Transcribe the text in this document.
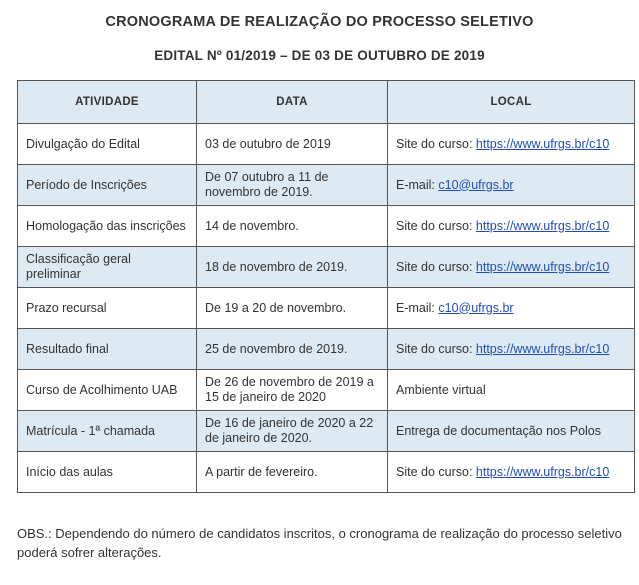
CRONOGRAMA DE REALIZAÇÃO DO PROCESSO SELETIVO
EDITAL Nº 01/2019 – DE 03 DE OUTUBRO DE 2019
ATIVIDADE	DATA	LOCAL
Divulgação do Edital	03 de outubro de 2019	Site do curso: https://www.ufrgs.br/c10
Período de Inscrições	De 07 outubro a 11 de novembro de 2019.	E-mail: c10@ufrgs.br
Homologação das inscrições	14 de novembro.	Site do curso: https://www.ufrgs.br/c10
Classificação geral preliminar	18 de novembro de 2019.	Site do curso: https://www.ufrgs.br/c10
Prazo recursal	De 19 a 20 de novembro.	E-mail: c10@ufrgs.br
Resultado final	25 de novembro de 2019.	Site do curso: https://www.ufrgs.br/c10
Curso de Acolhimento UAB	De 26 de novembro de 2019 a 15 de janeiro de 2020	Ambiente virtual
Matrícula - 1ª chamada	De 16 de janeiro de 2020 a 22 de janeiro de 2020.	Entrega de documentação nos Polos
Início das aulas	A partir de fevereiro.	Site do curso: https://www.ufrgs.br/c10
OBS.: Dependendo do número de candidatos inscritos, o cronograma de realização do processo seletivo poderá sofrer alterações.
